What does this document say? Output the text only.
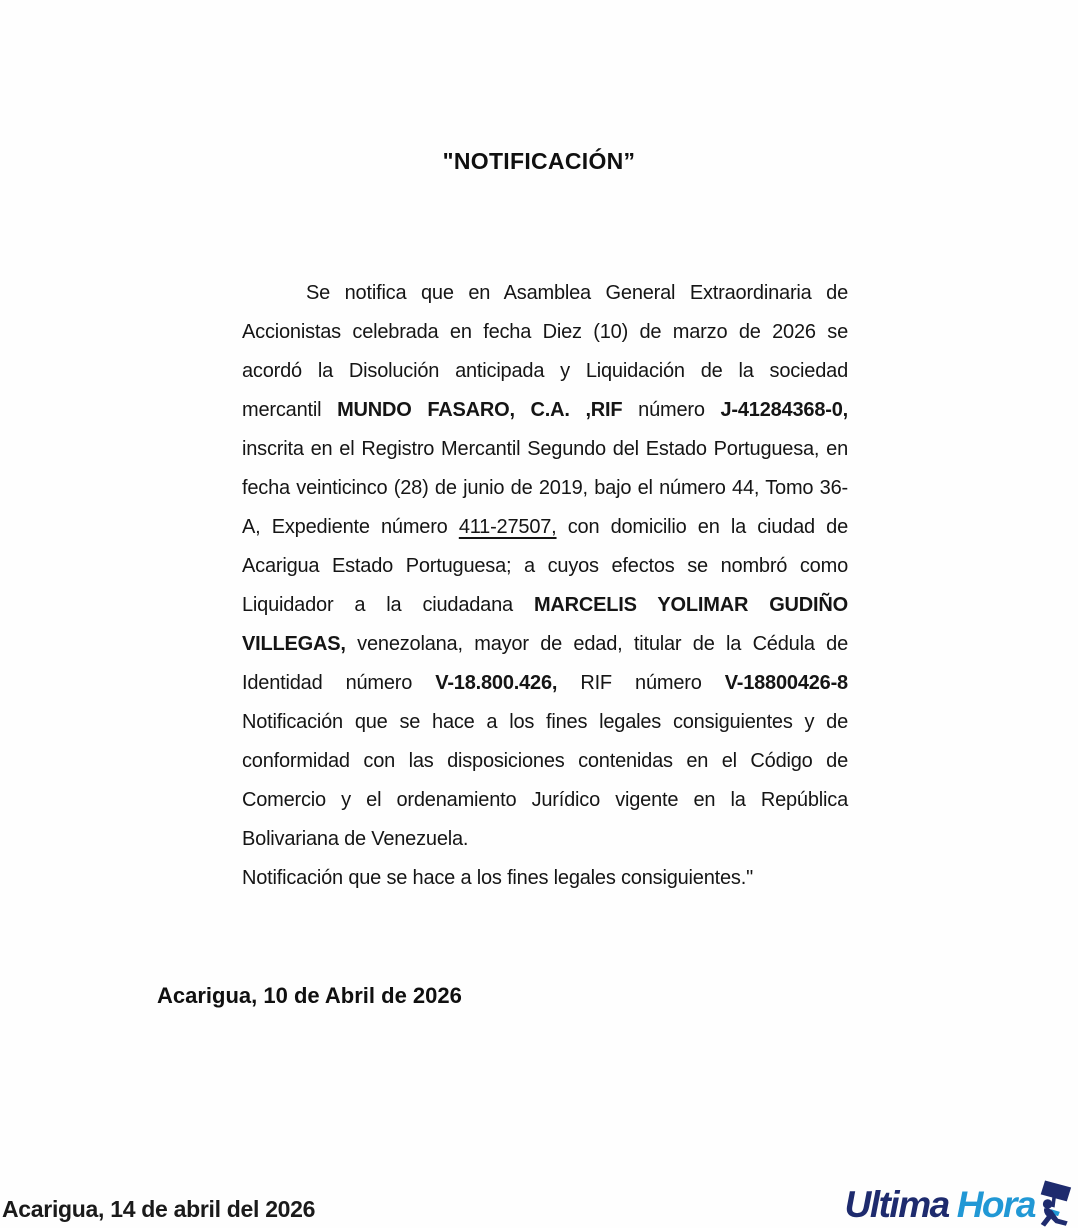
"NOTIFICACIÓN”

Se notifica que en Asamblea General Extraordinaria de Accionistas celebrada en fecha Diez (10) de marzo de 2026 se acordó la Disolución anticipada y Liquidación de la sociedad mercantil MUNDO FASARO, C.A. ,RIF número J-41284368-0, inscrita en el Registro Mercantil Segundo del Estado Portuguesa, en fecha veinticinco (28) de junio de 2019, bajo el número 44, Tomo 36-A, Expediente número 411-27507, con domicilio en la ciudad de Acarigua Estado Portuguesa; a cuyos efectos se nombró como Liquidador a la ciudadana MARCELIS YOLIMAR GUDIÑO VILLEGAS, venezolana, mayor de edad, titular de la Cédula de Identidad número V-18.800.426, RIF número V-18800426-8 Notificación que se hace a los fines legales consiguientes y de conformidad con las disposiciones contenidas en el Código de Comercio y el ordenamiento Jurídico vigente en la República Bolivariana de Venezuela.

Notificación que se hace a los fines legales consiguientes."

Acarigua, 10 de Abril de 2026
Acarigua, 14 de abril del 2026	Ultima Hora
